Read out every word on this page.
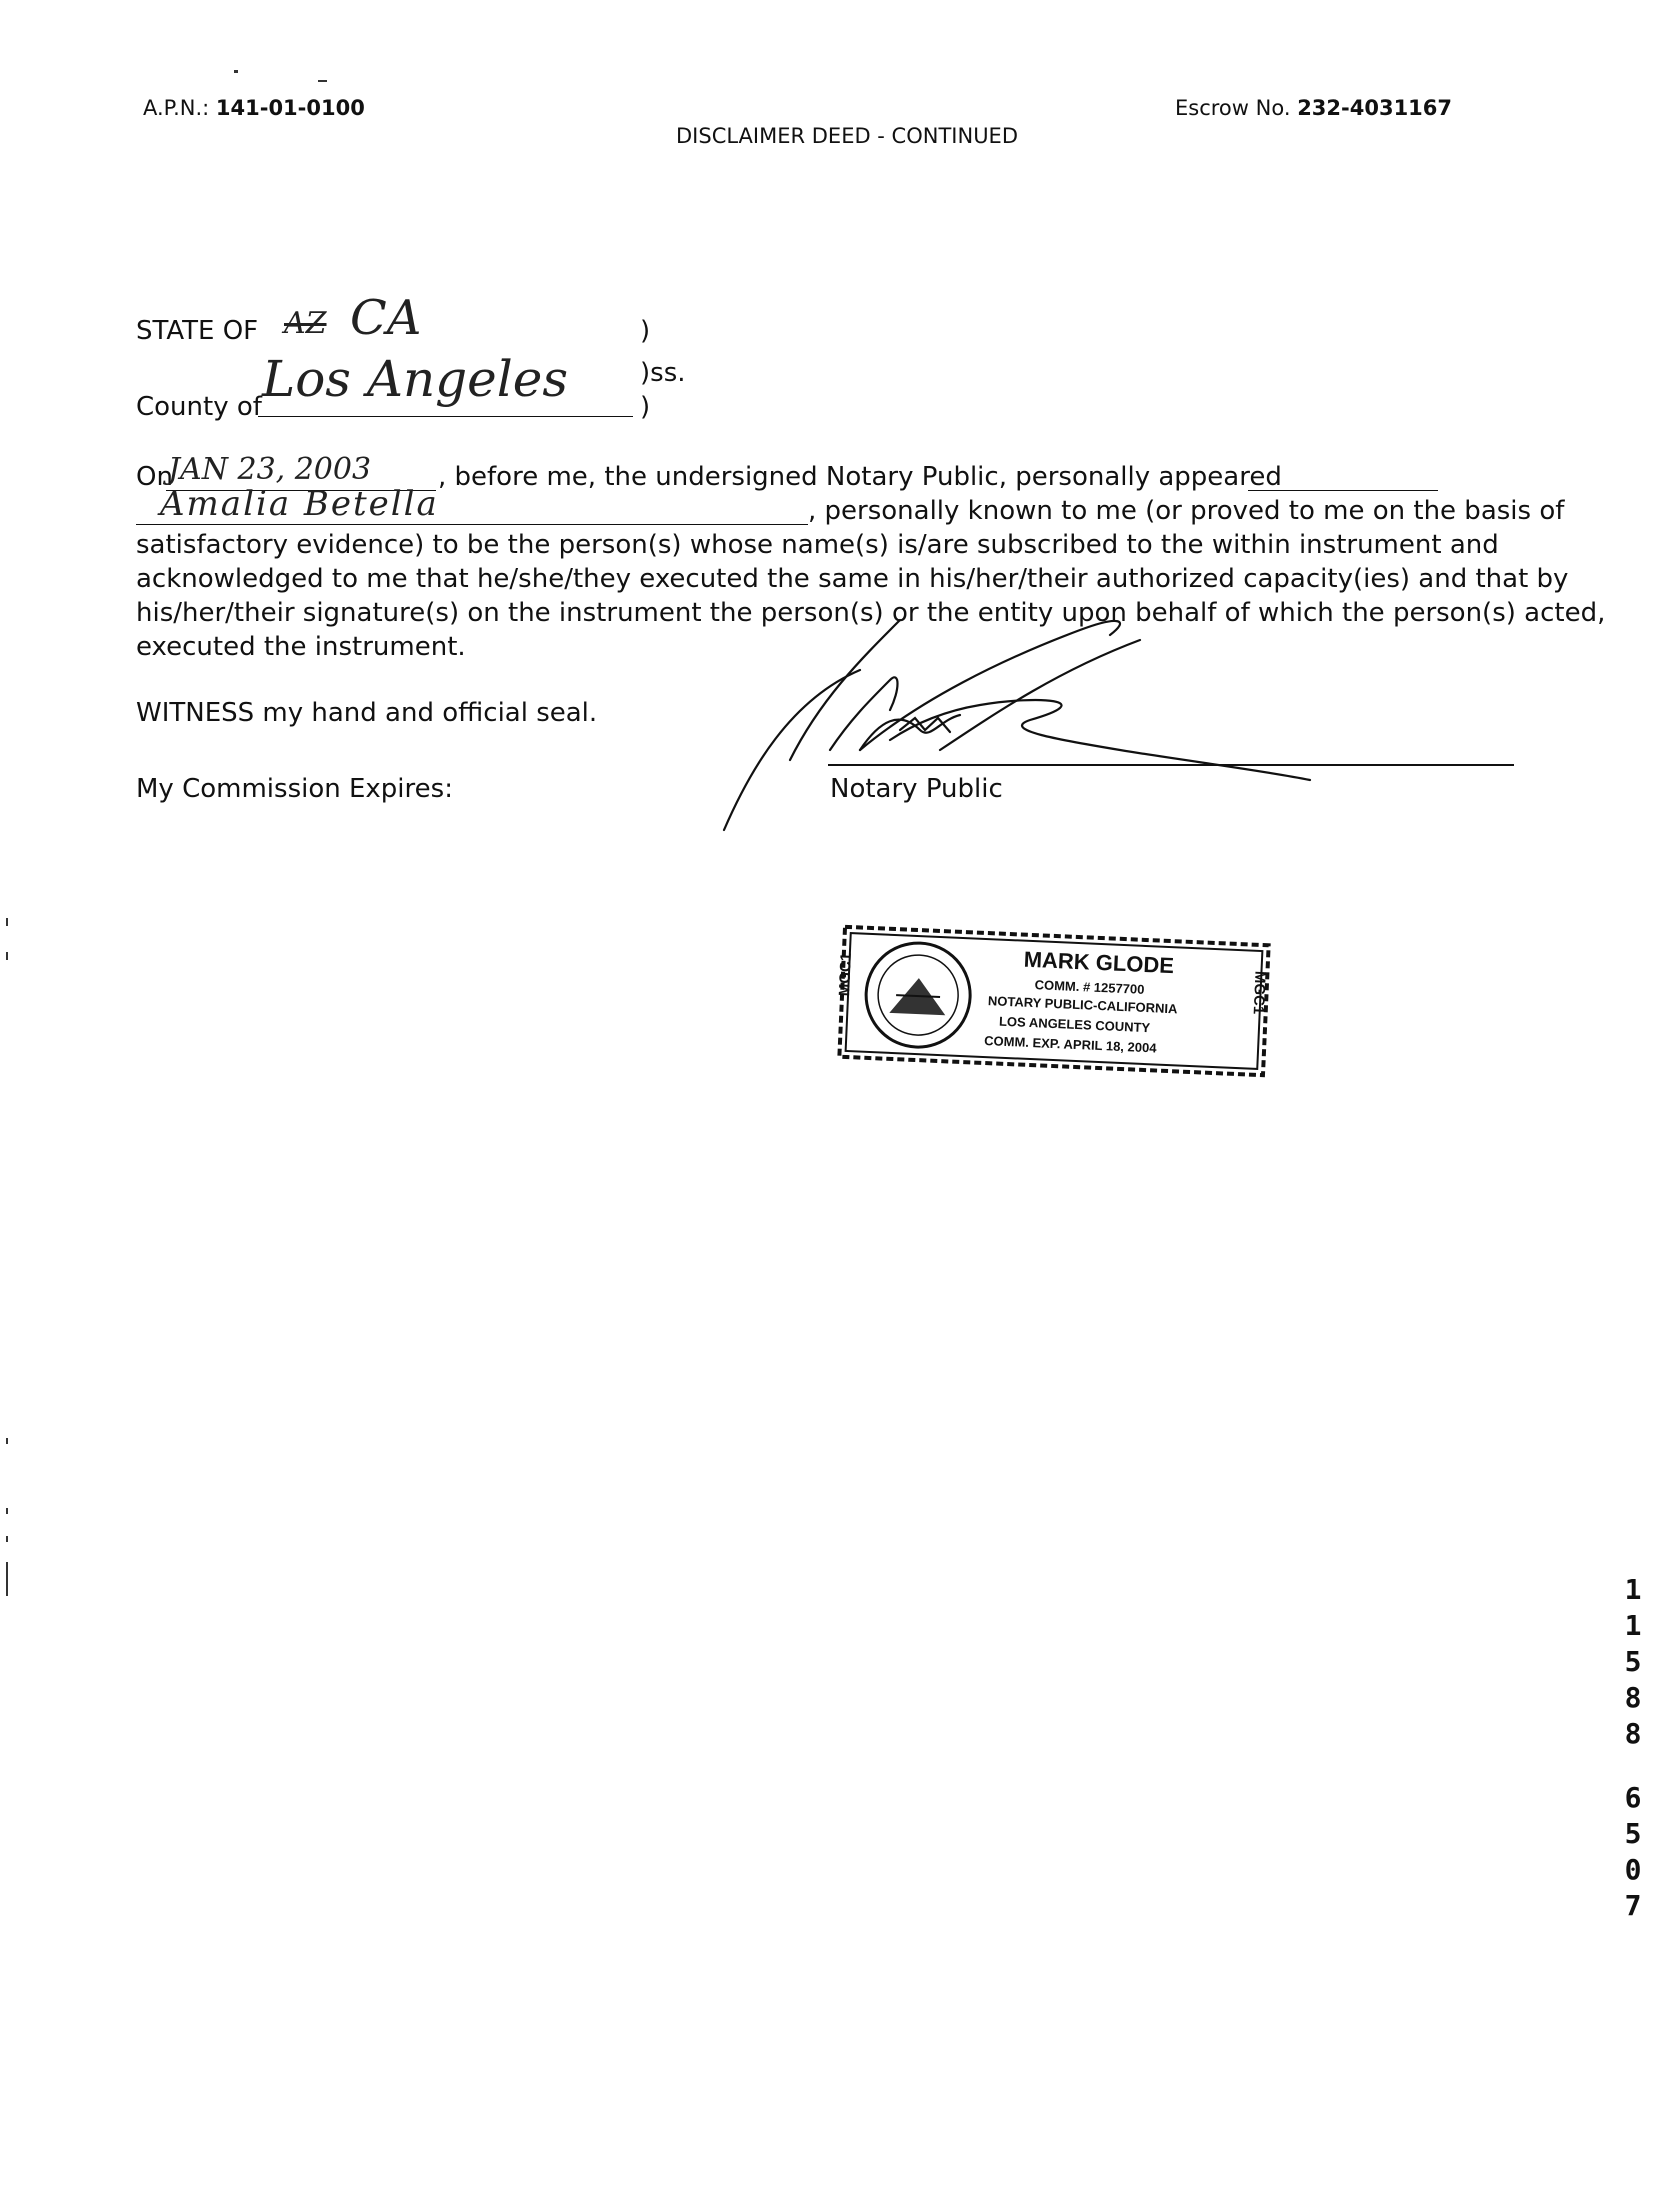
A.P.N.: 141-01-0100	Escrow No. 232-4031167
DISCLAIMER DEED - CONTINUED
STATE OF AZ CA	)
)ss.
County of Los Angeles	)
On
JAN 23, 2003	, before me, the undersigned Notary Public, personally appeared
Amalia Betella	, personally known to me (or proved to me on the basis of
satisfactory evidence) to be the person(s) whose name(s) is/are subscribed to the within instrument and
acknowledged to me that he/she/they executed the same in his/her/their authorized capacity(ies) and that by
his/her/their signature(s) on the instrument the person(s) or the entity upon behalf of which the person(s) acted,
executed the instrument.
WITNESS my hand and official seal.
My Commission Expires:	Notary Public
MGC1	MGC1
MARK GLODE
COMM. # 1257700
NOTARY PUBLIC-CALIFORNIA
LOS ANGELES COUNTY
COMM. EXP. APRIL 18, 2004
1
1
5
8
8
6
5
0
7
